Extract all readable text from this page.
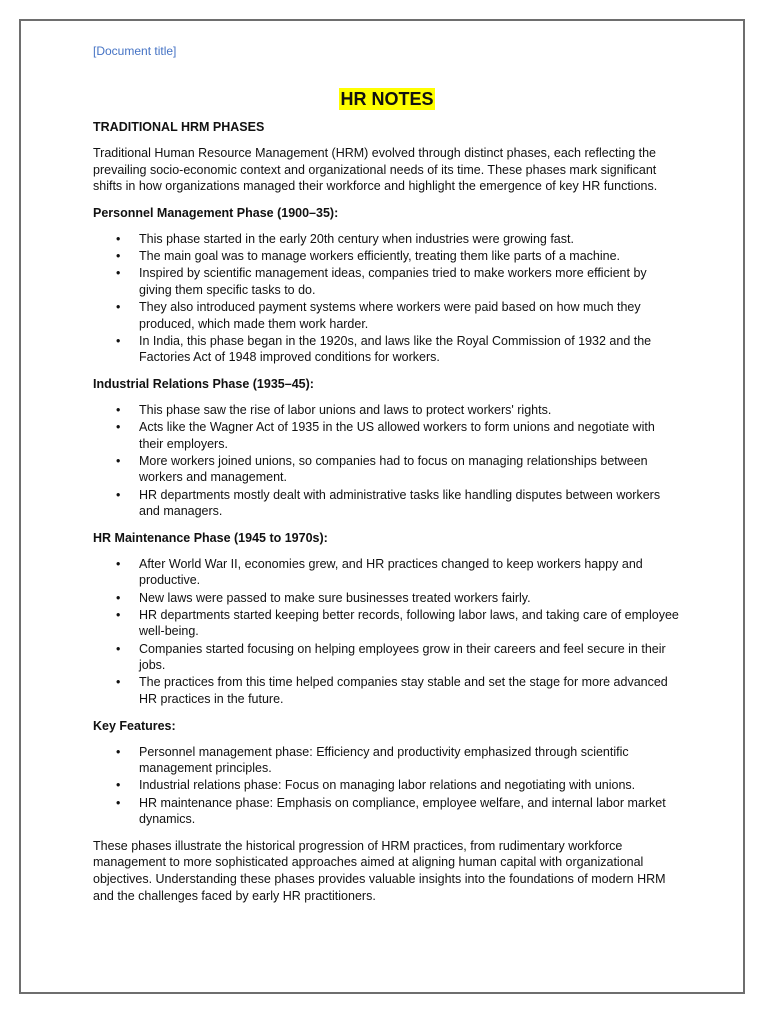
[Document title]
HR NOTES
TRADITIONAL HRM PHASES

Traditional Human Resource Management (HRM) evolved through distinct phases, each reflecting the prevailing socio-economic context and organizational needs of its time. These phases mark significant shifts in how organizations managed their workforce and highlight the emergence of key HR functions.

Personnel Management Phase (1900–35):
• This phase started in the early 20th century when industries were growing fast.
• The main goal was to manage workers efficiently, treating them like parts of a machine.
• Inspired by scientific management ideas, companies tried to make workers more efficient by giving them specific tasks to do.
• They also introduced payment systems where workers were paid based on how much they produced, which made them work harder.
• In India, this phase began in the 1920s, and laws like the Royal Commission of 1932 and the Factories Act of 1948 improved conditions for workers.
Industrial Relations Phase (1935–45):
• This phase saw the rise of labor unions and laws to protect workers' rights.
• Acts like the Wagner Act of 1935 in the US allowed workers to form unions and negotiate with their employers.
• More workers joined unions, so companies had to focus on managing relationships between workers and management.
• HR departments mostly dealt with administrative tasks like handling disputes between workers and managers.
HR Maintenance Phase (1945 to 1970s):
• After World War II, economies grew, and HR practices changed to keep workers happy and productive.
• New laws were passed to make sure businesses treated workers fairly.
• HR departments started keeping better records, following labor laws, and taking care of employee well-being.
• Companies started focusing on helping employees grow in their careers and feel secure in their jobs.
• The practices from this time helped companies stay stable and set the stage for more advanced HR practices in the future.
Key Features:
• Personnel management phase: Efficiency and productivity emphasized through scientific management principles.
• Industrial relations phase: Focus on managing labor relations and negotiating with unions.
• HR maintenance phase: Emphasis on compliance, employee welfare, and internal labor market dynamics.

These phases illustrate the historical progression of HRM practices, from rudimentary workforce management to more sophisticated approaches aimed at aligning human capital with organizational objectives. Understanding these phases provides valuable insights into the foundations of modern HRM and the challenges faced by early HR practitioners.
